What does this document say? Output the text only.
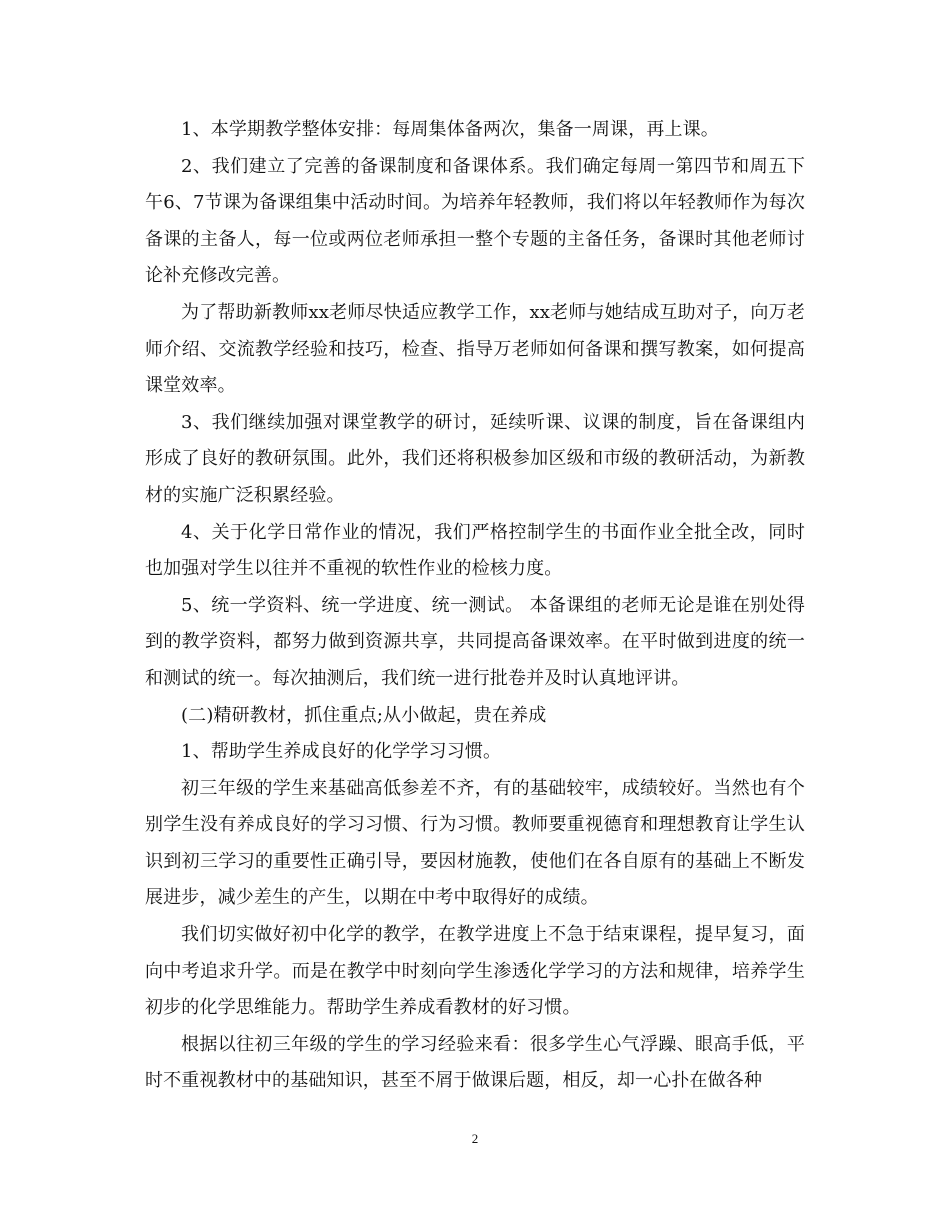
1、本学期教学整体安排：每周集体备两次，集备一周课，再上课。

2、我们建立了完善的备课制度和备课体系。我们确定每周一第四节和周五下午6、7节课为备课组集中活动时间。为培养年轻教师，我们将以年轻教师作为每次备课的主备人，每一位或两位老师承担一整个专题的主备任务，备课时其他老师讨论补充修改完善。

为了帮助新教师xx老师尽快适应教学工作，xx老师与她结成互助对子，向万老师介绍、交流教学经验和技巧，检查、指导万老师如何备课和撰写教案，如何提高课堂效率。

3、我们继续加强对课堂教学的研讨，延续听课、议课的制度，旨在备课组内形成了良好的教研氛围。此外，我们还将积极参加区级和市级的教研活动，为新教材的实施广泛积累经验。

4、关于化学日常作业的情况，我们严格控制学生的书面作业全批全改，同时也加强对学生以往并不重视的软性作业的检核力度。

5、统一学资料、统一学进度、统一测试。 本备课组的老师无论是谁在别处得到的教学资料，都努力做到资源共享，共同提高备课效率。在平时做到进度的统一和测试的统一。每次抽测后，我们统一进行批卷并及时认真地评讲。

(二)精研教材，抓住重点;从小做起，贵在养成

1、帮助学生养成良好的化学学习习惯。

初三年级的学生来基础高低参差不齐，有的基础较牢，成绩较好。当然也有个别学生没有养成良好的学习习惯、行为习惯。教师要重视德育和理想教育让学生认识到初三学习的重要性正确引导，要因材施教，使他们在各自原有的基础上不断发展进步，减少差生的产生，以期在中考中取得好的成绩。

我们切实做好初中化学的教学，在教学进度上不急于结束课程，提早复习，面向中考追求升学。而是在教学中时刻向学生渗透化学学习的方法和规律，培养学生初步的化学思维能力。帮助学生养成看教材的好习惯。

根据以往初三年级的学生的学习经验来看：很多学生心气浮躁、眼高手低，平时不重视教材中的基础知识，甚至不屑于做课后题，相反，却一心扑在做各种

2
